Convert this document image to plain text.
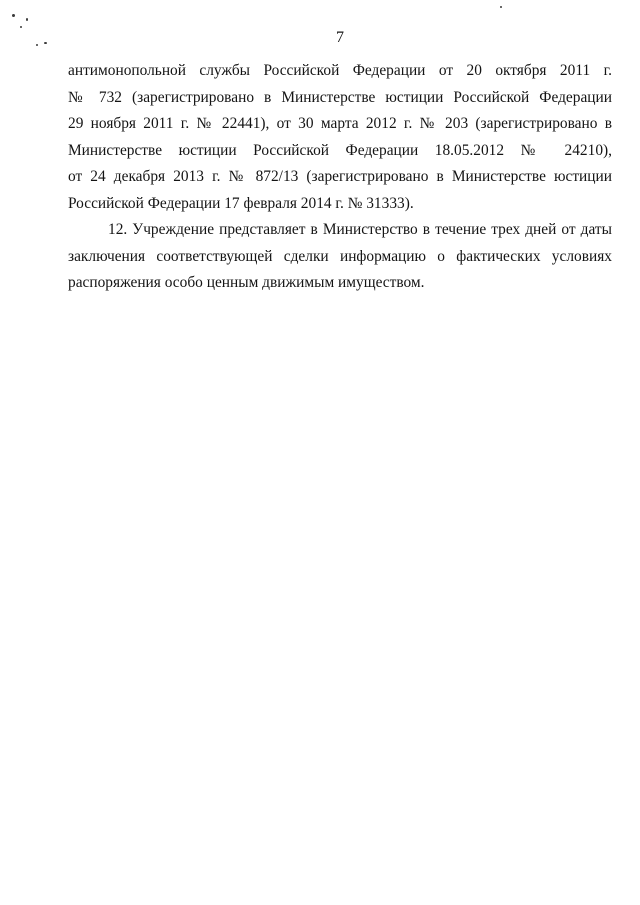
7

антимонопольной службы Российской Федерации от 20 октября 2011 г.
№ 732 (зарегистрировано в Министерстве юстиции Российской Федерации
29 ноября 2011 г. № 22441), от 30 марта 2012 г. № 203 (зарегистрировано в
Министерстве юстиции Российской Федерации 18.05.2012 № 24210),
от 24 декабря 2013 г. № 872/13 (зарегистрировано в Министерстве юстиции
Российской Федерации 17 февраля 2014 г. № 31333).

12. Учреждение представляет в Министерство в течение трех дней от даты
заключения соответствующей сделки информацию о фактических условиях
распоряжения особо ценным движимым имуществом.
